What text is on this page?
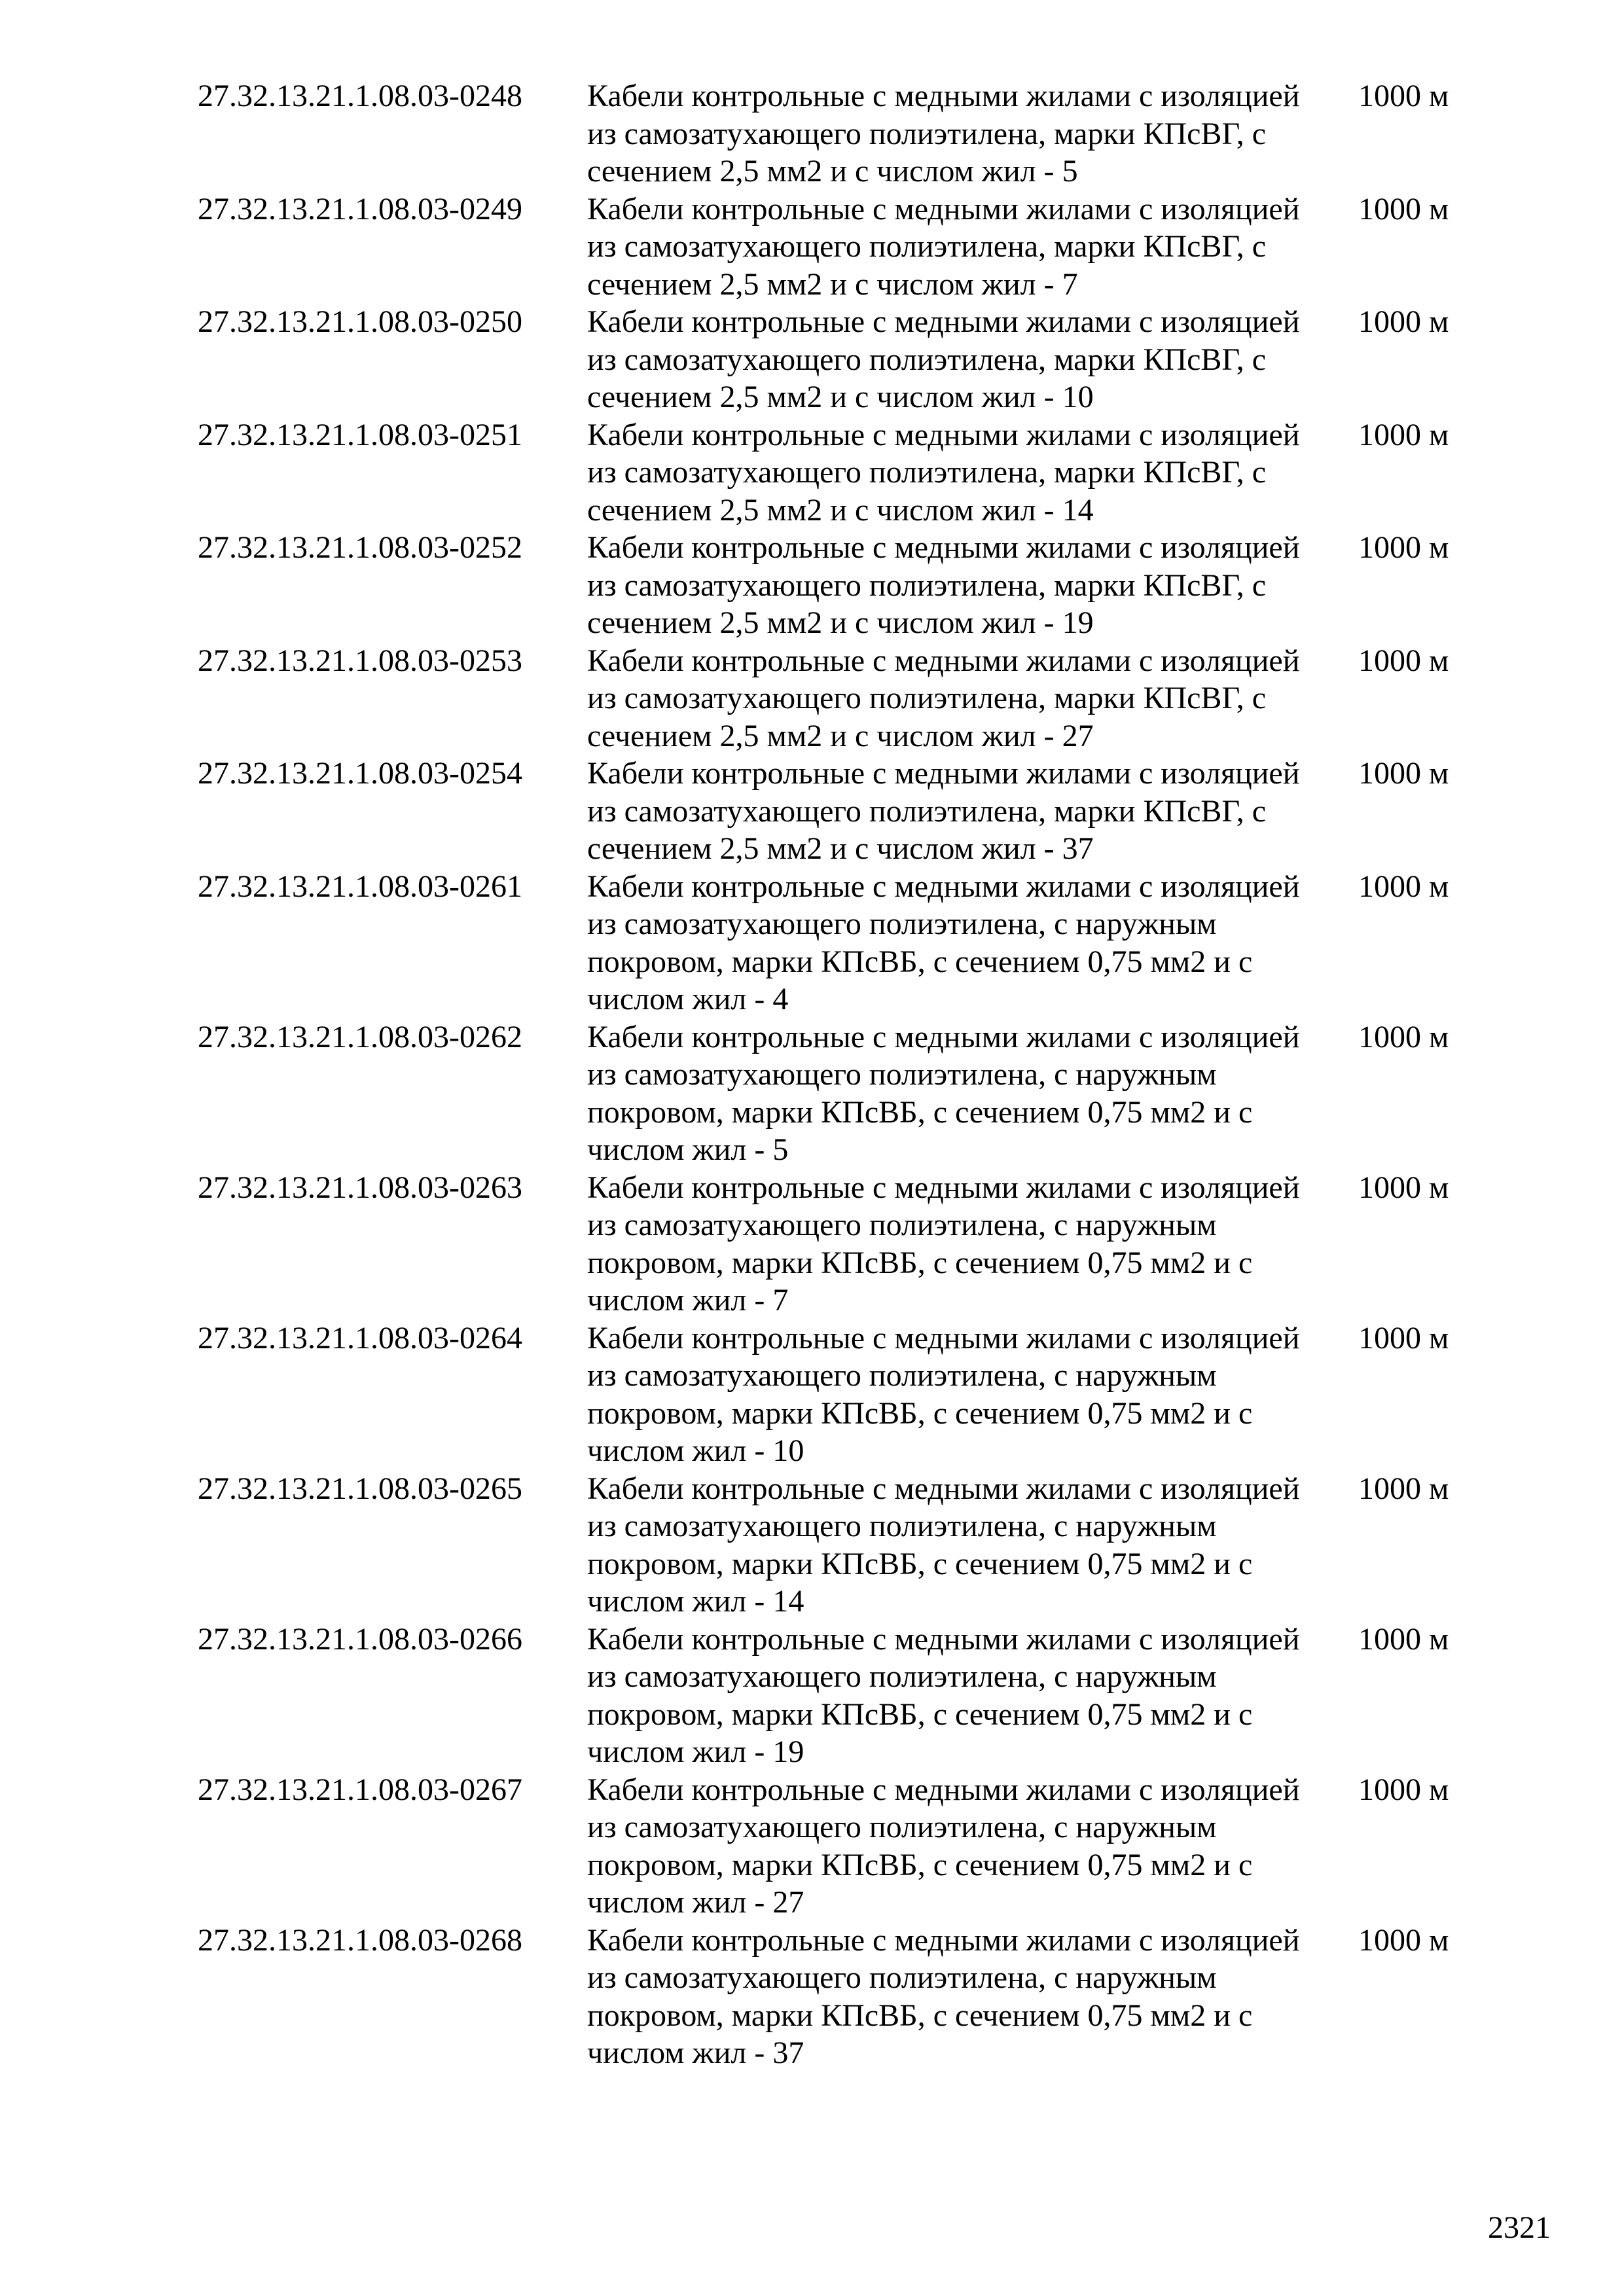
27.32.13.21.1.08.03-0248	Кабели контрольные с медными жилами с изоляцией
из самозатухающего полиэтилена, марки КПсВГ, с
сечением 2,5 мм2 и с числом жил - 5
1000 м
27.32.13.21.1.08.03-0249	Кабели контрольные с медными жилами с изоляцией
из самозатухающего полиэтилена, марки КПсВГ, с
сечением 2,5 мм2 и с числом жил - 7
1000 м
27.32.13.21.1.08.03-0250	Кабели контрольные с медными жилами с изоляцией
из самозатухающего полиэтилена, марки КПсВГ, с
сечением 2,5 мм2 и с числом жил - 10
1000 м
27.32.13.21.1.08.03-0251	Кабели контрольные с медными жилами с изоляцией
из самозатухающего полиэтилена, марки КПсВГ, с
сечением 2,5 мм2 и с числом жил - 14
1000 м
27.32.13.21.1.08.03-0252	Кабели контрольные с медными жилами с изоляцией
из самозатухающего полиэтилена, марки КПсВГ, с
сечением 2,5 мм2 и с числом жил - 19
1000 м
27.32.13.21.1.08.03-0253	Кабели контрольные с медными жилами с изоляцией
из самозатухающего полиэтилена, марки КПсВГ, с
сечением 2,5 мм2 и с числом жил - 27
1000 м
27.32.13.21.1.08.03-0254	Кабели контрольные с медными жилами с изоляцией
из самозатухающего полиэтилена, марки КПсВГ, с
сечением 2,5 мм2 и с числом жил - 37
1000 м
27.32.13.21.1.08.03-0261	Кабели контрольные с медными жилами с изоляцией
из самозатухающего полиэтилена, с наружным
покровом, марки КПсВБ, с сечением 0,75 мм2 и с
числом жил - 4
1000 м
27.32.13.21.1.08.03-0262	Кабели контрольные с медными жилами с изоляцией
из самозатухающего полиэтилена, с наружным
покровом, марки КПсВБ, с сечением 0,75 мм2 и с
числом жил - 5
1000 м
27.32.13.21.1.08.03-0263	Кабели контрольные с медными жилами с изоляцией
из самозатухающего полиэтилена, с наружным
покровом, марки КПсВБ, с сечением 0,75 мм2 и с
числом жил - 7
1000 м
27.32.13.21.1.08.03-0264	Кабели контрольные с медными жилами с изоляцией
из самозатухающего полиэтилена, с наружным
покровом, марки КПсВБ, с сечением 0,75 мм2 и с
числом жил - 10
1000 м
27.32.13.21.1.08.03-0265	Кабели контрольные с медными жилами с изоляцией
из самозатухающего полиэтилена, с наружным
покровом, марки КПсВБ, с сечением 0,75 мм2 и с
числом жил - 14
1000 м
27.32.13.21.1.08.03-0266	Кабели контрольные с медными жилами с изоляцией
из самозатухающего полиэтилена, с наружным
покровом, марки КПсВБ, с сечением 0,75 мм2 и с
числом жил - 19
1000 м
27.32.13.21.1.08.03-0267	Кабели контрольные с медными жилами с изоляцией
из самозатухающего полиэтилена, с наружным
покровом, марки КПсВБ, с сечением 0,75 мм2 и с
числом жил - 27
1000 м
27.32.13.21.1.08.03-0268	Кабели контрольные с медными жилами с изоляцией
из самозатухающего полиэтилена, с наружным
покровом, марки КПсВБ, с сечением 0,75 мм2 и с
числом жил - 37
1000 м
2321
